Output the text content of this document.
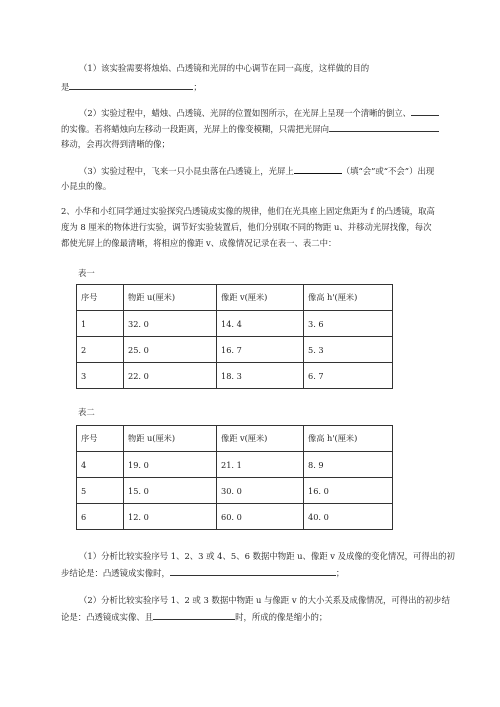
（1）该实验需要将烛焰、凸透镜和光屏的中心调节在同一高度，这样做的目的
是	；
（2）实验过程中，蜡烛、凸透镜、光屏的位置如图所示，在光屏上呈现一个清晰的倒立、
的实像。若将蜡烛向左移动一段距离，光屏上的像变模糊，只需把光屏向
移动，会再次得到清晰的像；
（3）实验过程中，飞来一只小昆虫落在凸透镜上，光屏上	（填“会”或“不会”）出现
小昆虫的像。
2、小华和小红同学通过实验探究凸透镜成实像的规律，他们在光具座上固定焦距为 f 的凸透镜，取高
度为 8 厘米的物体进行实验，调节好实验装置后，他们分别取不同的物距 u、并移动光屏找像，每次
都使光屏上的像最清晰，将相应的像距 v、成像情况记录在表一、表二中：
表一
序号	物距 u(厘米)	像距 v(厘米)	像高 h'(厘米)
1	32. 0	14. 4	3. 6
2	25. 0	16. 7	5. 3
3	22. 0	18. 3	6. 7
表二
序号	物距 u(厘米)	像距 v(厘米)	像高 h'(厘米)
4	19. 0	21. 1	8. 9
5	15. 0	30. 0	16. 0
6	12. 0	60. 0	40. 0
（1）分析比较实验序号 1、2、3 或 4、5、6 数据中物距 u、像距 v 及成像的变化情况，可得出的初
步结论是：凸透镜成实像时，	；
（2）分析比较实验序号 1、2 或 3 数据中物距 u 与像距 v 的大小关系及成像情况，可得出的初步结
论是：凸透镜成实像、且	时，所成的像是缩小的；
